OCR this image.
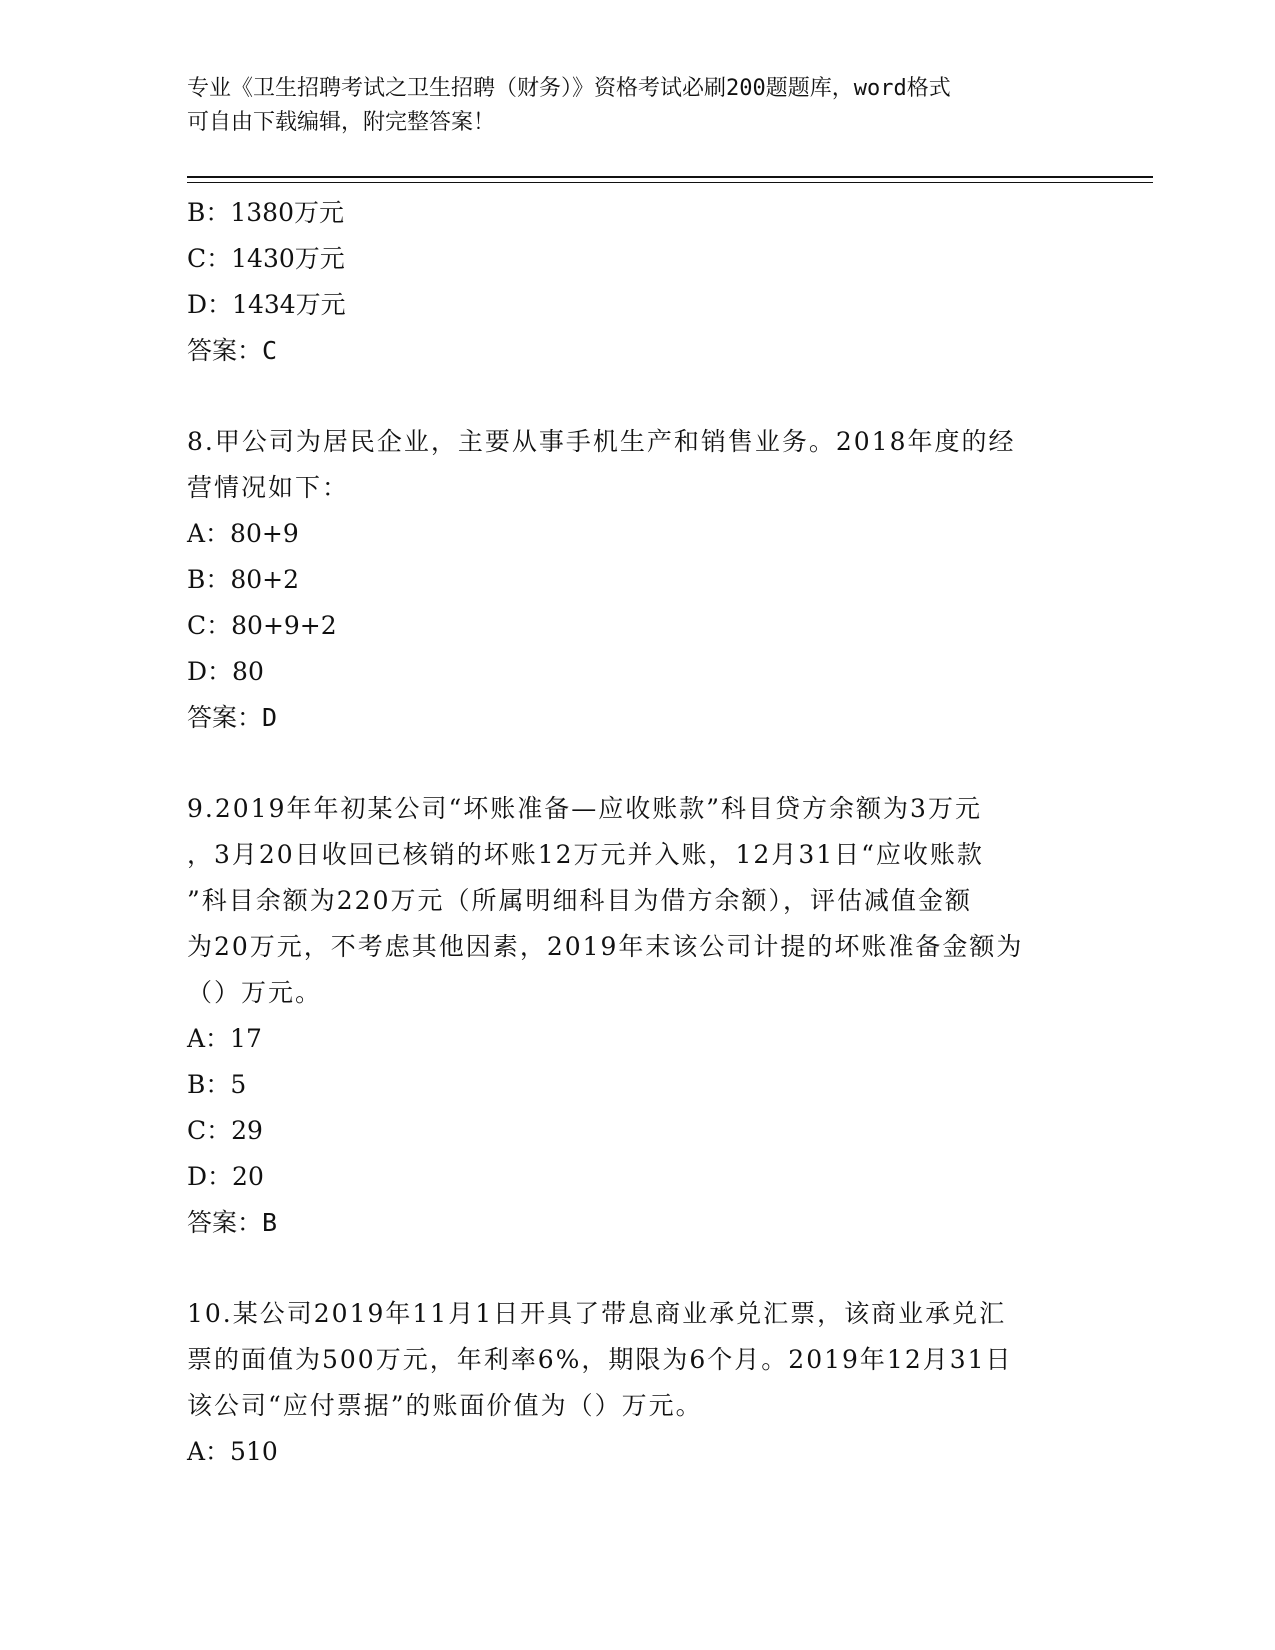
专业《卫生招聘考试之卫生招聘（财务）》资格考试必刷200题题库，word格式
可自由下载编辑，附完整答案！
B：1380万元
C：1430万元
D：1434万元
答案：C
8.甲公司为居民企业，主要从事手机生产和销售业务。2018年度的经
营情况如下：
A：80+9
B：80+2
C：80+9+2
D：80
答案：D
9.2019年年初某公司“坏账准备—应收账款”科目贷方余额为3万元
，3月20日收回已核销的坏账12万元并入账，12月31日“应收账款
”科目余额为220万元（所属明细科目为借方余额），评估减值金额
为20万元，不考虑其他因素，2019年末该公司计提的坏账准备金额为
（）万元。
A：17
B：5
C：29
D：20
答案：B
10.某公司2019年11月1日开具了带息商业承兑汇票，该商业承兑汇
票的面值为500万元，年利率6%，期限为6个月。2019年12月31日
该公司“应付票据”的账面价值为（）万元。
A：510
